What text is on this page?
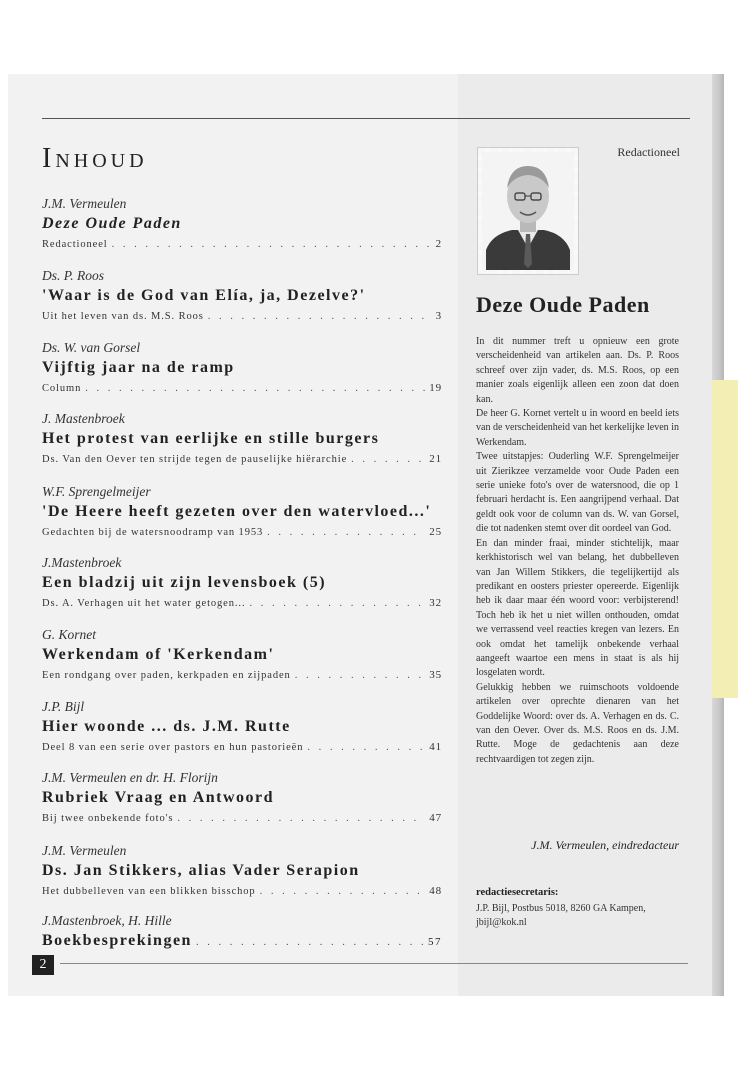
Inhoud
J.M. Vermeulen
Deze Oude Paden
Redactioneel . . .	2
Ds. P. Roos
'Waar is de God van Elía, ja, Dezelve?'
Uit het leven van ds. M.S. Roos . . .	3
Ds. W. van Gorsel
Vijftig jaar na de ramp
Column . . .	19
J. Mastenbroek
Het protest van eerlijke en stille burgers
Ds. Van den Oever ten strijde tegen de pauselijke hiërarchie . . .	21
W.F. Sprengelmeijer
'De Heere heeft gezeten over den watervloed...'
Gedachten bij de watersnoodramp van 1953 . . .	25
J.Mastenbroek
Een bladzij uit zijn levensboek (5)
Ds. A. Verhagen uit het water getogen... . . .	32
G. Kornet
Werkendam of 'Kerkendam'
Een rondgang over paden, kerkpaden en zijpaden . . .	35
J.P. Bijl
Hier woonde ... ds. J.M. Rutte
Deel 8 van een serie over pastors en hun pastorieën . . .	41
J.M. Vermeulen en dr. H. Florijn
Rubriek Vraag en Antwoord
Bij twee onbekende foto's . . .	47
J.M. Vermeulen
Ds. Jan Stikkers, alias Vader Serapion
Het dubbelleven van een blikken bisschop . . .	48
J.Mastenbroek, H. Hille
Boekbesprekingen . . .	57
Redactioneel
Deze Oude Paden

In dit nummer treft u opnieuw een grote verscheidenheid van artikelen aan. Ds. P. Roos schreef over zijn vader, ds. M.S. Roos, op een manier zoals eigenlijk alleen een zoon dat doen kan.

De heer G. Kornet vertelt u in woord en beeld iets van de verscheidenheid van het kerkelijke leven in Werkendam.

Twee uitstapjes: Ouderling W.F. Sprengelmeijer uit Zierikzee verzamelde voor Oude Paden een serie unieke foto's over de watersnood, die op 1 februari herdacht is. Een aangrijpend verhaal. Dat geldt ook voor de column van ds. W. van Gorsel, die tot nadenken stemt over dit oordeel van God.

En dan minder fraai, minder stichtelijk, maar kerkhistorisch wel van belang, het dubbelleven van Jan Willem Stikkers, die tegelijkertijd als predikant en oosters priester opereerde. Eigenlijk heb ik daar maar één woord voor: verbijsterend! Toch heb ik het u niet willen onthouden, omdat we verrassend veel reacties kregen van lezers. En ook omdat het tamelijk onbekende verhaal aangeeft waartoe een mens in staat is als hij losgelaten wordt.

Gelukkig hebben we ruimschoots voldoende artikelen over oprechte dienaren van het Goddelijke Woord: over ds. A. Verhagen en ds. C. van den Oever. Over ds. M.S. Roos en ds. J.M. Rutte. Moge de gedachtenis aan deze rechtvaardigen tot zegen zijn.

J.M. Vermeulen, eindredacteur
redactiesecretaris:
J.P. Bijl, Postbus 5018, 8260 GA Kampen, jbijl@kok.nl
2
